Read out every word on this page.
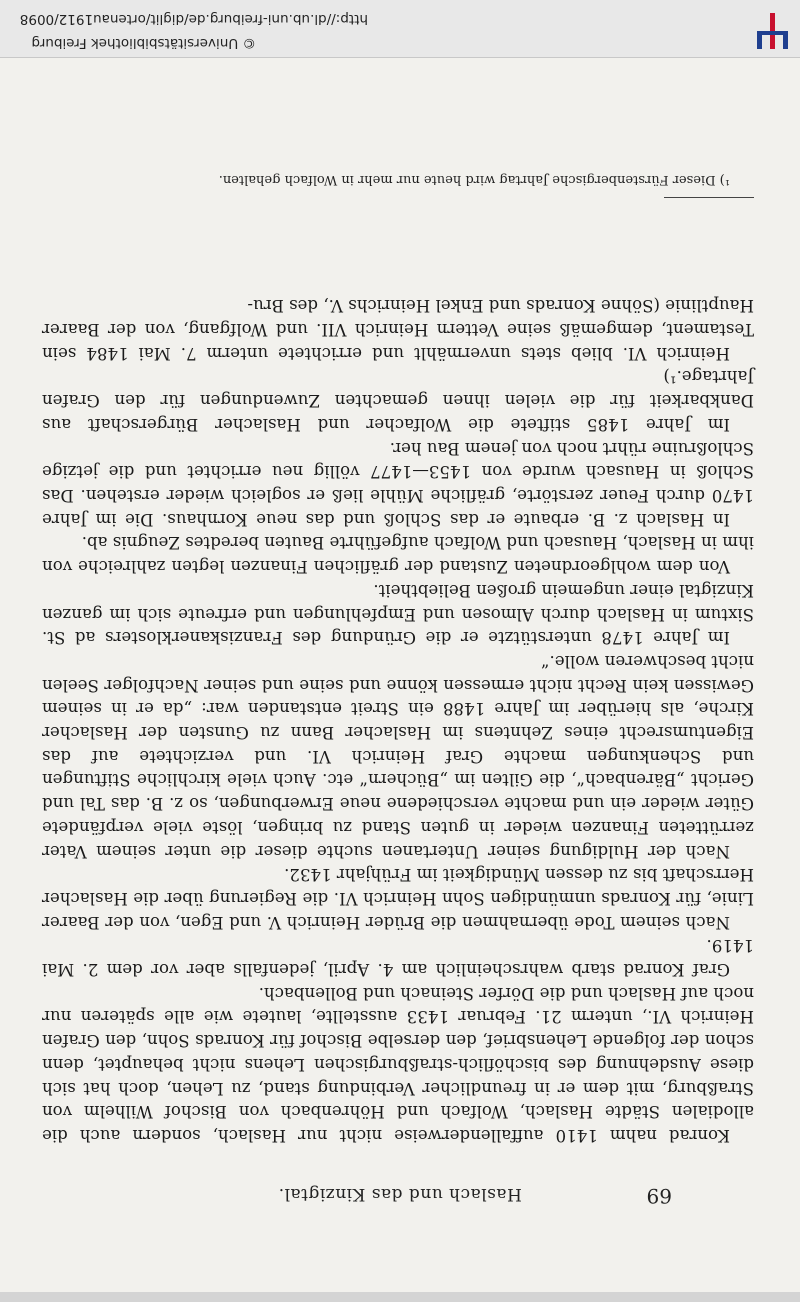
69
Haslach und das Kinzigtal.

Konrad nahm 1410 auffallenderweise nicht nur Haslach, sondern auch die allodialen Städte Haslach, Wolfach und Höhrenbach von Bischof Wilhelm von Straßburg, mit dem er in freundlicher Verbindung stand, zu Lehen, doch hat sich diese Ausdehnung des bischöflich-straßburgischen Lehens nicht behauptet, denn schon der folgende Lehensbrief, den derselbe Bischof für Konrads Sohn, den Grafen Heinrich VI., unterm 21. Februar 1433 ausstellte, lautete wie alle späteren nur noch auf Haslach und die Dörfer Steinach und Bollenbach.

Graf Konrad starb wahrscheinlich am 4. April, jedenfalls aber vor dem 2. Mai 1419.

Nach seinem Tode übernahmen die Brüder Heinrich V. und Egen, von der Baarer Linie, für Konrads unmündigen Sohn Heinrich VI. die Regierung über die Haslacher Herrschaft bis zu dessen Mündigkeit im Frühjahr 1432.

Nach der Huldigung seiner Untertanen suchte dieser die unter seinem Vater zerrütteten Finanzen wieder in guten Stand zu bringen, löste viele verpfändete Güter wieder ein und machte verschiedene neue Erwerbungen, so z. B. das Tal und Gericht „Bärenbach“, die Gilten im „Büchern“ etc. Auch viele kirchliche Stiftungen und Schenkungen machte Graf Heinrich VI. und verzichtete auf das Eigentumsrecht eines Zehntens im Haslacher Bann zu Gunsten der Haslacher Kirche, als hierüber im Jahre 1488 ein Streit entstanden war: „da er in seinem Gewissen kein Recht nicht ermessen könne und seine und seiner Nachfolger Seelen nicht beschweren wolle.“

Im Jahre 1478 unterstützte er die Gründung des Franziskanerklosters ad St. Sixtum in Haslach durch Almosen und Empfehlungen und erfreute sich im ganzen Kinzigtal einer ungemein großen Beliebtheit.

Von dem wohlgeordneten Zustand der gräflichen Finanzen legten zahlreiche von ihm in Haslach, Hausach und Wolfach aufgeführte Bauten beredtes Zeugnis ab.

In Haslach z. B. erbaute er das Schloß und das neue Kornhaus. Die im Jahre 1470 durch Feuer zerstörte, gräfliche Mühle ließ er sogleich wieder erstehen. Das Schloß in Hausach wurde von 1453—1477 völlig neu errichtet und die jetzige Schloßruine rührt noch von jenem Bau her.

Im Jahre 1485 stiftete die Wolfacher und Haslacher Bürgerschaft aus Dankbarkeit für die vielen ihnen gemachten Zuwendungen für den Grafen Jahrtage.¹)

Heinrich VI. blieb stets unvermählt und errichtete unterm 7. Mai 1484 sein Testament, demgemäß seine Vettern Heinrich VII. und Wolfgang, von der Baarer Hauptlinie (Söhne Konrads und Enkel Heinrichs V., des Bru-

¹) Dieser Fürstenbergische Jahrtag wird heute nur mehr in Wolfach gehalten.
http://dl.ub.uni-freiburg.de/diglit/ortenau1912/0098
© Universitätsbibliothek Freiburg
